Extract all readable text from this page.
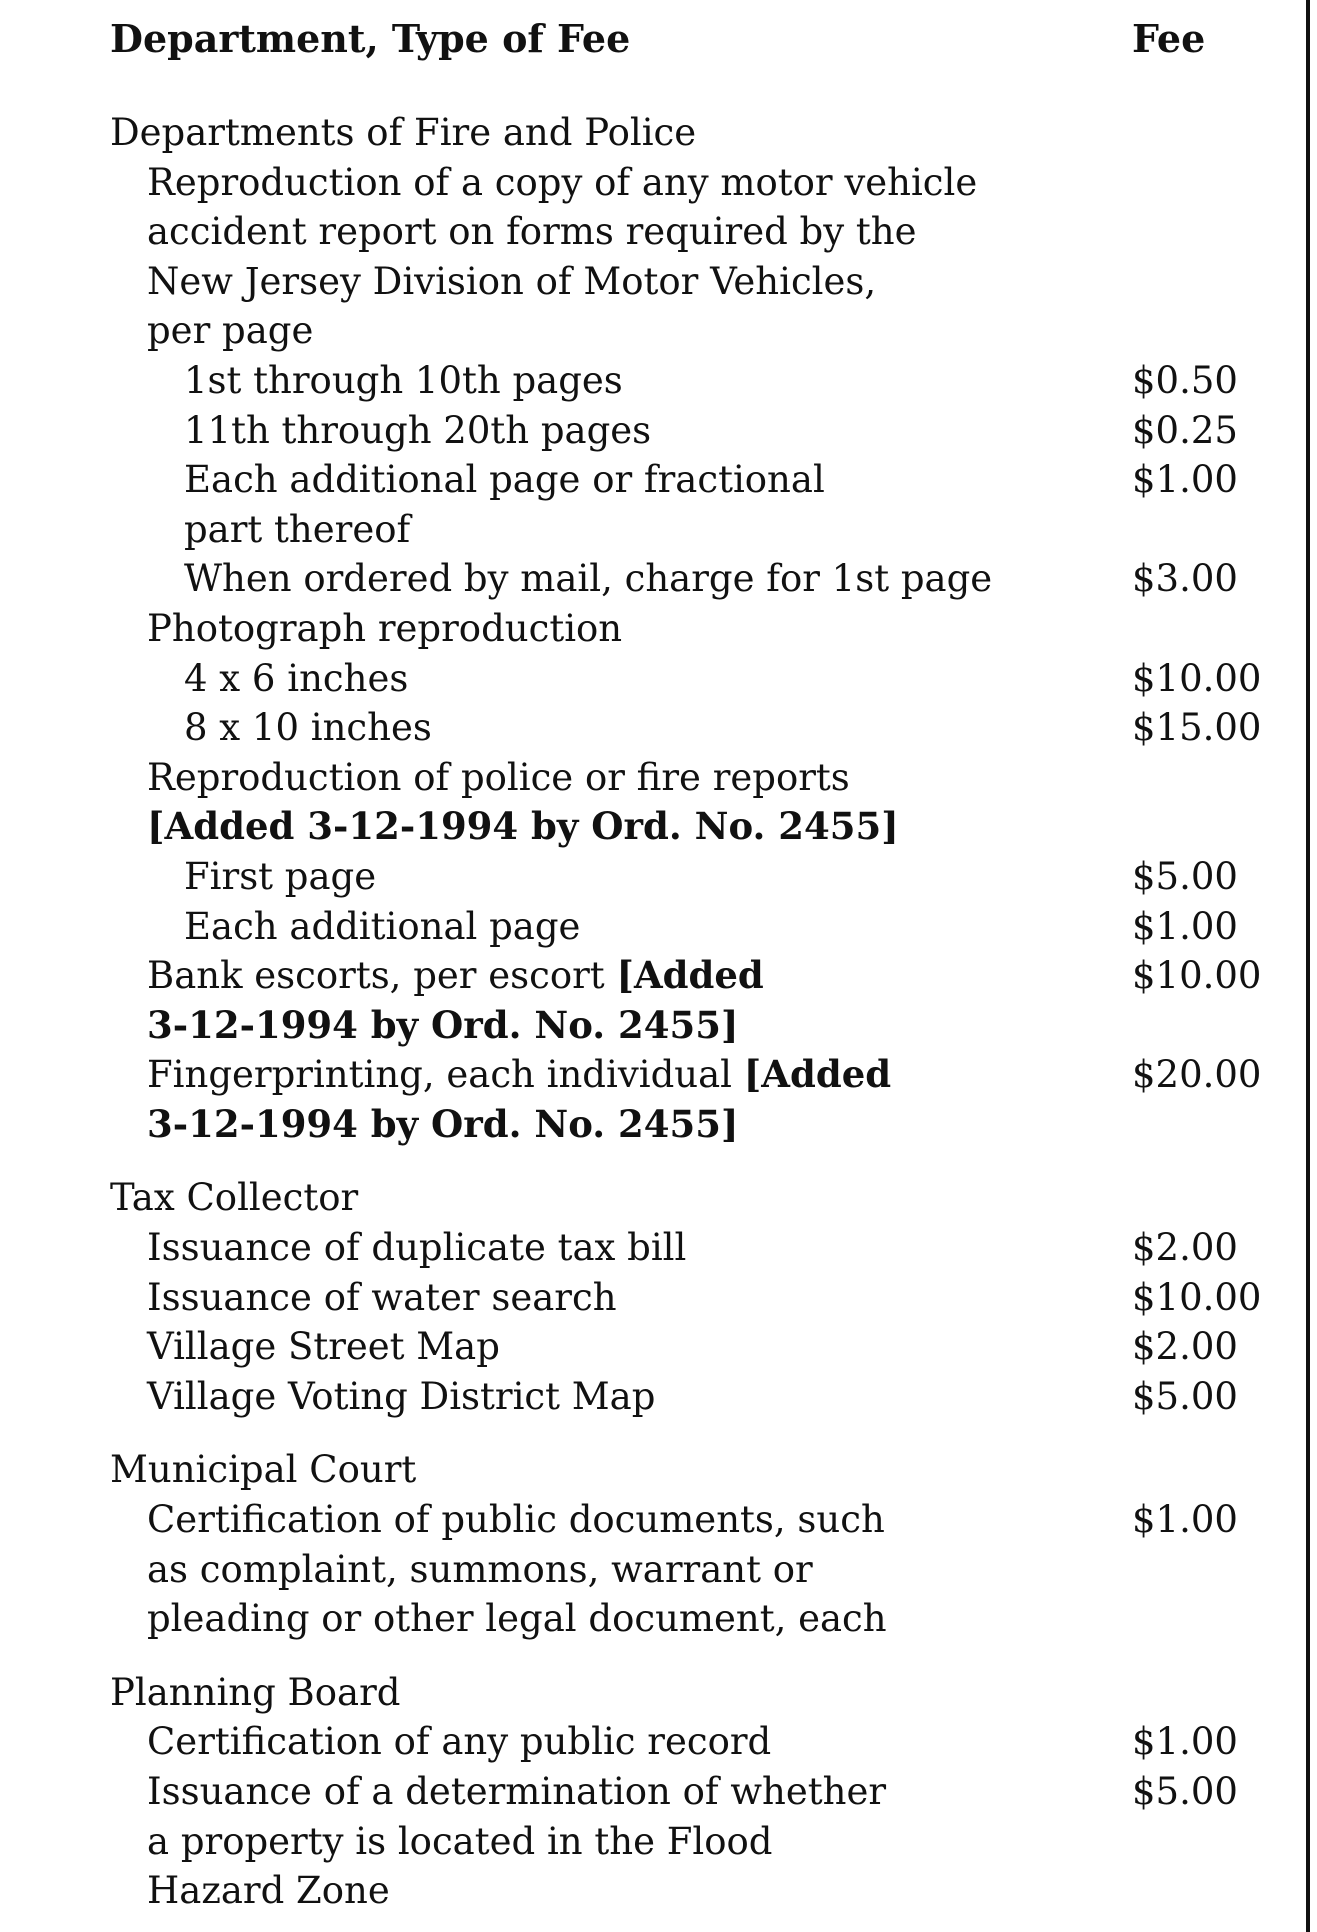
Department, Type of Fee	Fee
Departments of Fire and Police
Reproduction of a copy of any motor vehicle
accident report on forms required by the
New Jersey Division of Motor Vehicles,
per page
1st through 10th pages	$0.50
11th through 20th pages	$0.25
Each additional page or fractional	$1.00
part thereof
When ordered by mail, charge for 1st page	$3.00
Photograph reproduction
4 x 6 inches	$10.00
8 x 10 inches	$15.00
Reproduction of police or fire reports
[Added 3-12-1994 by Ord. No. 2455]
First page	$5.00
Each additional page	$1.00
Bank escorts, per escort [Added	$10.00
3-12-1994 by Ord. No. 2455]
Fingerprinting, each individual [Added	$20.00
3-12-1994 by Ord. No. 2455]
Tax Collector
Issuance of duplicate tax bill	$2.00
Issuance of water search	$10.00
Village Street Map	$2.00
Village Voting District Map	$5.00
Municipal Court
Certification of public documents, such	$1.00
as complaint, summons, warrant or
pleading or other legal document, each
Planning Board
Certification of any public record	$1.00
Issuance of a determination of whether	$5.00
a property is located in the Flood
Hazard Zone
